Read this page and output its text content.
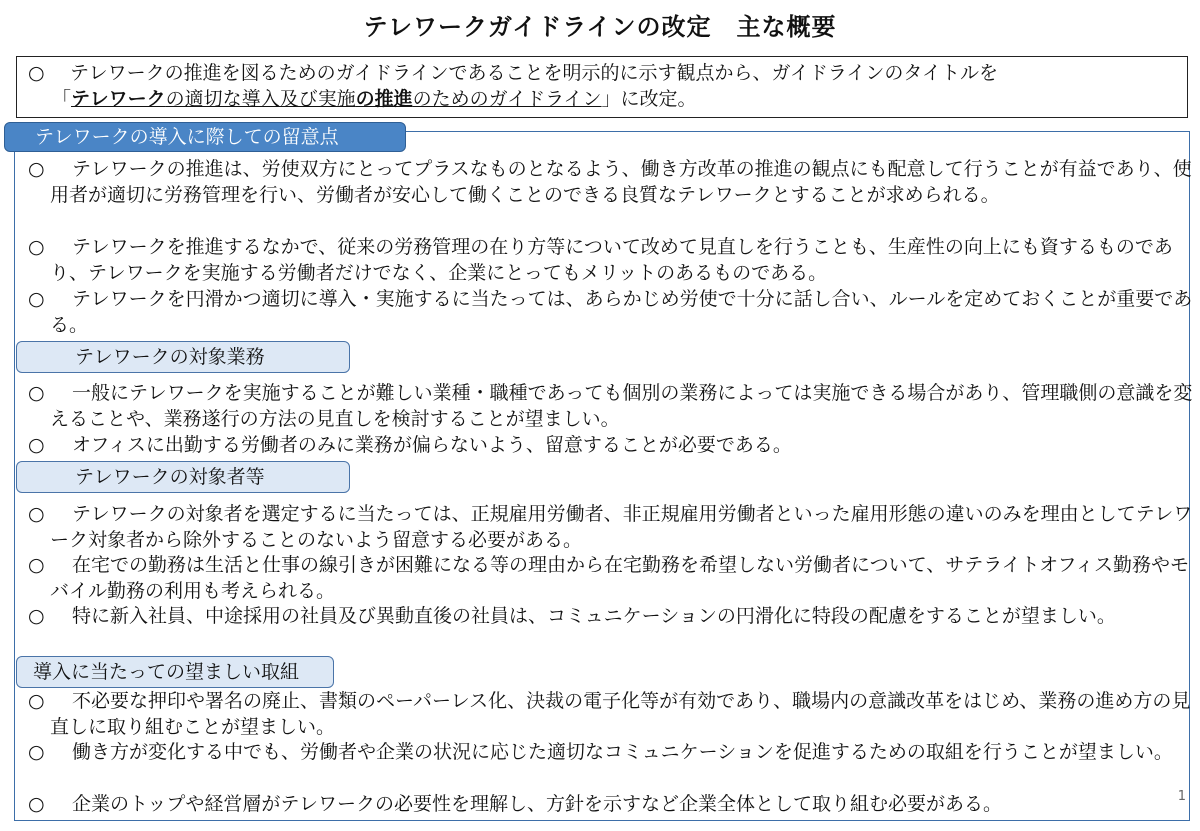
テレワークガイドラインの改定　主な概要
○ テレワークの推進を図るためのガイドラインであることを明示的に示す観点から、ガイドラインのタイトルを
「テレワークの適切な導入及び実施の推進のためのガイドライン」に改定。
テレワークの導入に際しての留意点
○ テレワークの推進は、労使双方にとってプラスなものとなるよう、働き方改革の推進の観点にも配意して行うことが有益であり、使用者が適切に労務管理を行い、労働者が安心して働くことのできる良質なテレワークとすることが求められる。
○ テレワークを推進するなかで、従来の労務管理の在り方等について改めて見直しを行うことも、生産性の向上にも資するものであり、テレワークを実施する労働者だけでなく、企業にとってもメリットのあるものである。
○ テレワークを円滑かつ適切に導入・実施するに当たっては、あらかじめ労使で十分に話し合い、ルールを定めておくことが重要である。
テレワークの対象業務
○ 一般にテレワークを実施することが難しい業種・職種であっても個別の業務によっては実施できる場合があり、管理職側の意識を変えることや、業務遂行の方法の見直しを検討することが望ましい。
○ オフィスに出勤する労働者のみに業務が偏らないよう、留意することが必要である。
テレワークの対象者等
○ テレワークの対象者を選定するに当たっては、正規雇用労働者、非正規雇用労働者といった雇用形態の違いのみを理由としてテレワーク対象者から除外することのないよう留意する必要がある。
○ 在宅での勤務は生活と仕事の線引きが困難になる等の理由から在宅勤務を希望しない労働者について、サテライトオフィス勤務やモバイル勤務の利用も考えられる。
○ 特に新入社員、中途採用の社員及び異動直後の社員は、コミュニケーションの円滑化に特段の配慮をすることが望ましい。
導入に当たっての望ましい取組
○ 不必要な押印や署名の廃止、書類のペーパーレス化、決裁の電子化等が有効であり、職場内の意識改革をはじめ、業務の進め方の見直しに取り組むことが望ましい。
○ 働き方が変化する中でも、労働者や企業の状況に応じた適切なコミュニケーションを促進するための取組を行うことが望ましい。
○ 企業のトップや経営層がテレワークの必要性を理解し、方針を示すなど企業全体として取り組む必要がある。	1
